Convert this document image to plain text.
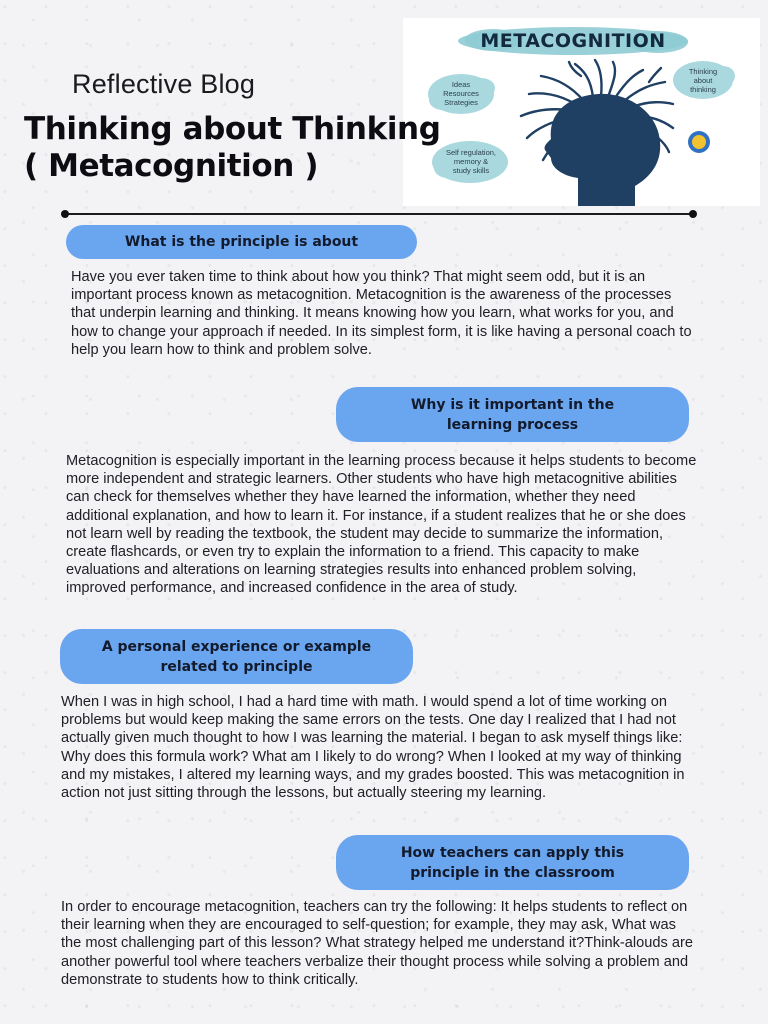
Reflective Blog
Thinking about Thinking
( Metacognition )
METACOGNITION
Ideas
Resources
Strategies
Thinking
about
thinking
Self regulation,
memory &
study skills
What is the principle is about

Have you ever taken time to think about how you think? That might seem odd, but it is an important process known as metacognition. Metacognition is the awareness of the processes that underpin learning and thinking. It means knowing how you learn, what works for you, and how to change your approach if needed. In its simplest form, it is like having a personal coach to help you learn how to think and problem solve.

Why is it important in the learning process

Metacognition is especially important in the learning process because it helps students to become more independent and strategic learners. Other students who have high metacognitive abilities can check for themselves whether they have learned the information, whether they need additional explanation, and how to learn it. For instance, if a student realizes that he or she does not learn well by reading the textbook, the student may decide to summarize the information, create flashcards, or even try to explain the information to a friend. This capacity to make evaluations and alterations on learning strategies results into enhanced problem solving, improved performance, and increased confidence in the area of study.

A personal experience or example related to principle

When I was in high school, I had a hard time with math. I would spend a lot of time working on problems but would keep making the same errors on the tests. One day I realized that I had not actually given much thought to how I was learning the material. I began to ask myself things like: Why does this formula work? What am I likely to do wrong? When I looked at my way of thinking and my mistakes, I altered my learning ways, and my grades boosted. This was metacognition in action not just sitting through the lessons, but actually steering my learning.

How teachers can apply this principle in the classroom

In order to encourage metacognition, teachers can try the following: It helps students to reflect on their learning when they are encouraged to self-question; for example, they may ask, What was the most challenging part of this lesson? What strategy helped me understand it?Think-alouds are another powerful tool where teachers verbalize their thought process while solving a problem and demonstrate to students how to think critically.
